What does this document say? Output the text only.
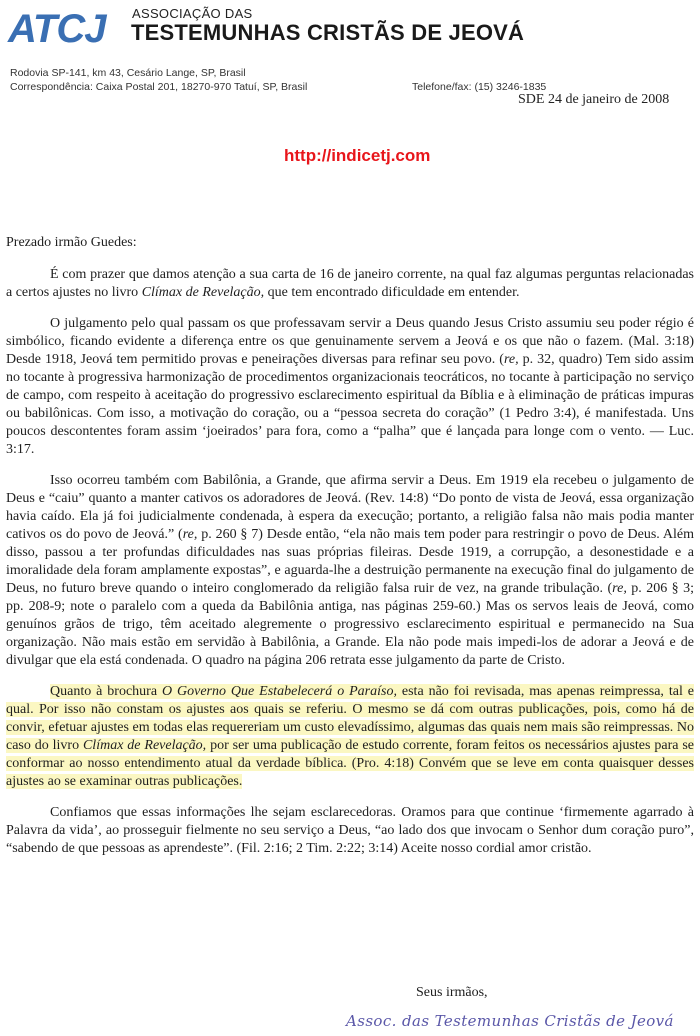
ATCJ ASSOCIAÇÃO DAS
TESTEMUNHAS CRISTÃS DE JEOVÁ
Rodovia SP-141, km 43, Cesário Lange, SP, Brasil
Correspondência: Caixa Postal 201, 18270-970 Tatuí, SP, Brasil	Telefone/fax: (15) 3246-1835
SDE 24 de janeiro de 2008
http://indicetj.com

Prezado irmão Guedes:

É com prazer que damos atenção a sua carta de 16 de janeiro corrente, na qual faz algumas perguntas relacionadas a certos ajustes no livro Clímax de Revelação, que tem encontrado dificuldade em entender.

O julgamento pelo qual passam os que professavam servir a Deus quando Jesus Cristo assumiu seu poder régio é simbólico, ficando evidente a diferença entre os que genuinamente servem a Jeová e os que não o fazem. (Mal. 3:18) Desde 1918, Jeová tem permitido provas e peneirações diversas para refinar seu povo. (re, p. 32, quadro) Tem sido assim no tocante à progressiva harmonização de procedimentos organizacionais teocráticos, no tocante à participação no serviço de campo, com respeito à aceitação do progressivo esclarecimento espiritual da Bíblia e à eliminação de práticas impuras ou babilônicas. Com isso, a motivação do coração, ou a “pessoa secreta do coração” (1 Pedro 3:4), é manifestada. Uns poucos descontentes foram assim ‘joeirados’ para fora, como a “palha” que é lançada para longe com o vento. — Luc. 3:17.

Isso ocorreu também com Babilônia, a Grande, que afirma servir a Deus. Em 1919 ela recebeu o julgamento de Deus e “caiu” quanto a manter cativos os adoradores de Jeová. (Rev. 14:8) “Do ponto de vista de Jeová, essa organização havia caído. Ela já foi judicialmente condenada, à espera da execução; portanto, a religião falsa não mais podia manter cativos os do povo de Jeová.” (re, p. 260 § 7) Desde então, “ela não mais tem poder para restringir o povo de Deus. Além disso, passou a ter profundas dificuldades nas suas próprias fileiras. Desde 1919, a corrupção, a desonestidade e a imoralidade dela foram amplamente expostas”, e aguarda-lhe a destruição permanente na execução final do julgamento de Deus, no futuro breve quando o inteiro conglomerado da religião falsa ruir de vez, na grande tribulação. (re, p. 206 § 3; pp. 208-9; note o paralelo com a queda da Babilônia antiga, nas páginas 259-60.) Mas os servos leais de Jeová, como genuínos grãos de trigo, têm aceitado alegremente o progressivo esclarecimento espiritual e permanecido na Sua organização. Não mais estão em servidão à Babilônia, a Grande. Ela não pode mais impedi-los de adorar a Jeová e de divulgar que ela está condenada. O quadro na página 206 retrata esse julgamento da parte de Cristo.

Quanto à brochura O Governo Que Estabelecerá o Paraíso, esta não foi revisada, mas apenas reimpressa, tal e qual. Por isso não constam os ajustes aos quais se referiu. O mesmo se dá com outras publicações, pois, como há de convir, efetuar ajustes em todas elas requereriam um custo elevadíssimo, algumas das quais nem mais são reimpressas. No caso do livro Clímax de Revelação, por ser uma publicação de estudo corrente, foram feitos os necessários ajustes para se conformar ao nosso entendimento atual da verdade bíblica. (Pro. 4:18) Convém que se leve em conta quaisquer desses ajustes ao se examinar outras publicações.

Confiamos que essas informações lhe sejam esclarecedoras. Oramos para que continue ‘firmemente agarrado à Palavra da vida’, ao prosseguir fielmente no seu serviço a Deus, “ao lado dos que invocam o Senhor dum coração puro”, “sabendo de que pessoas as aprendeste”. (Fil. 2:16; 2 Tim. 2:22; 3:14) Aceite nosso cordial amor cristão.

Seus irmãos,
Assoc. das Testemunhas Cristãs de Jeová
